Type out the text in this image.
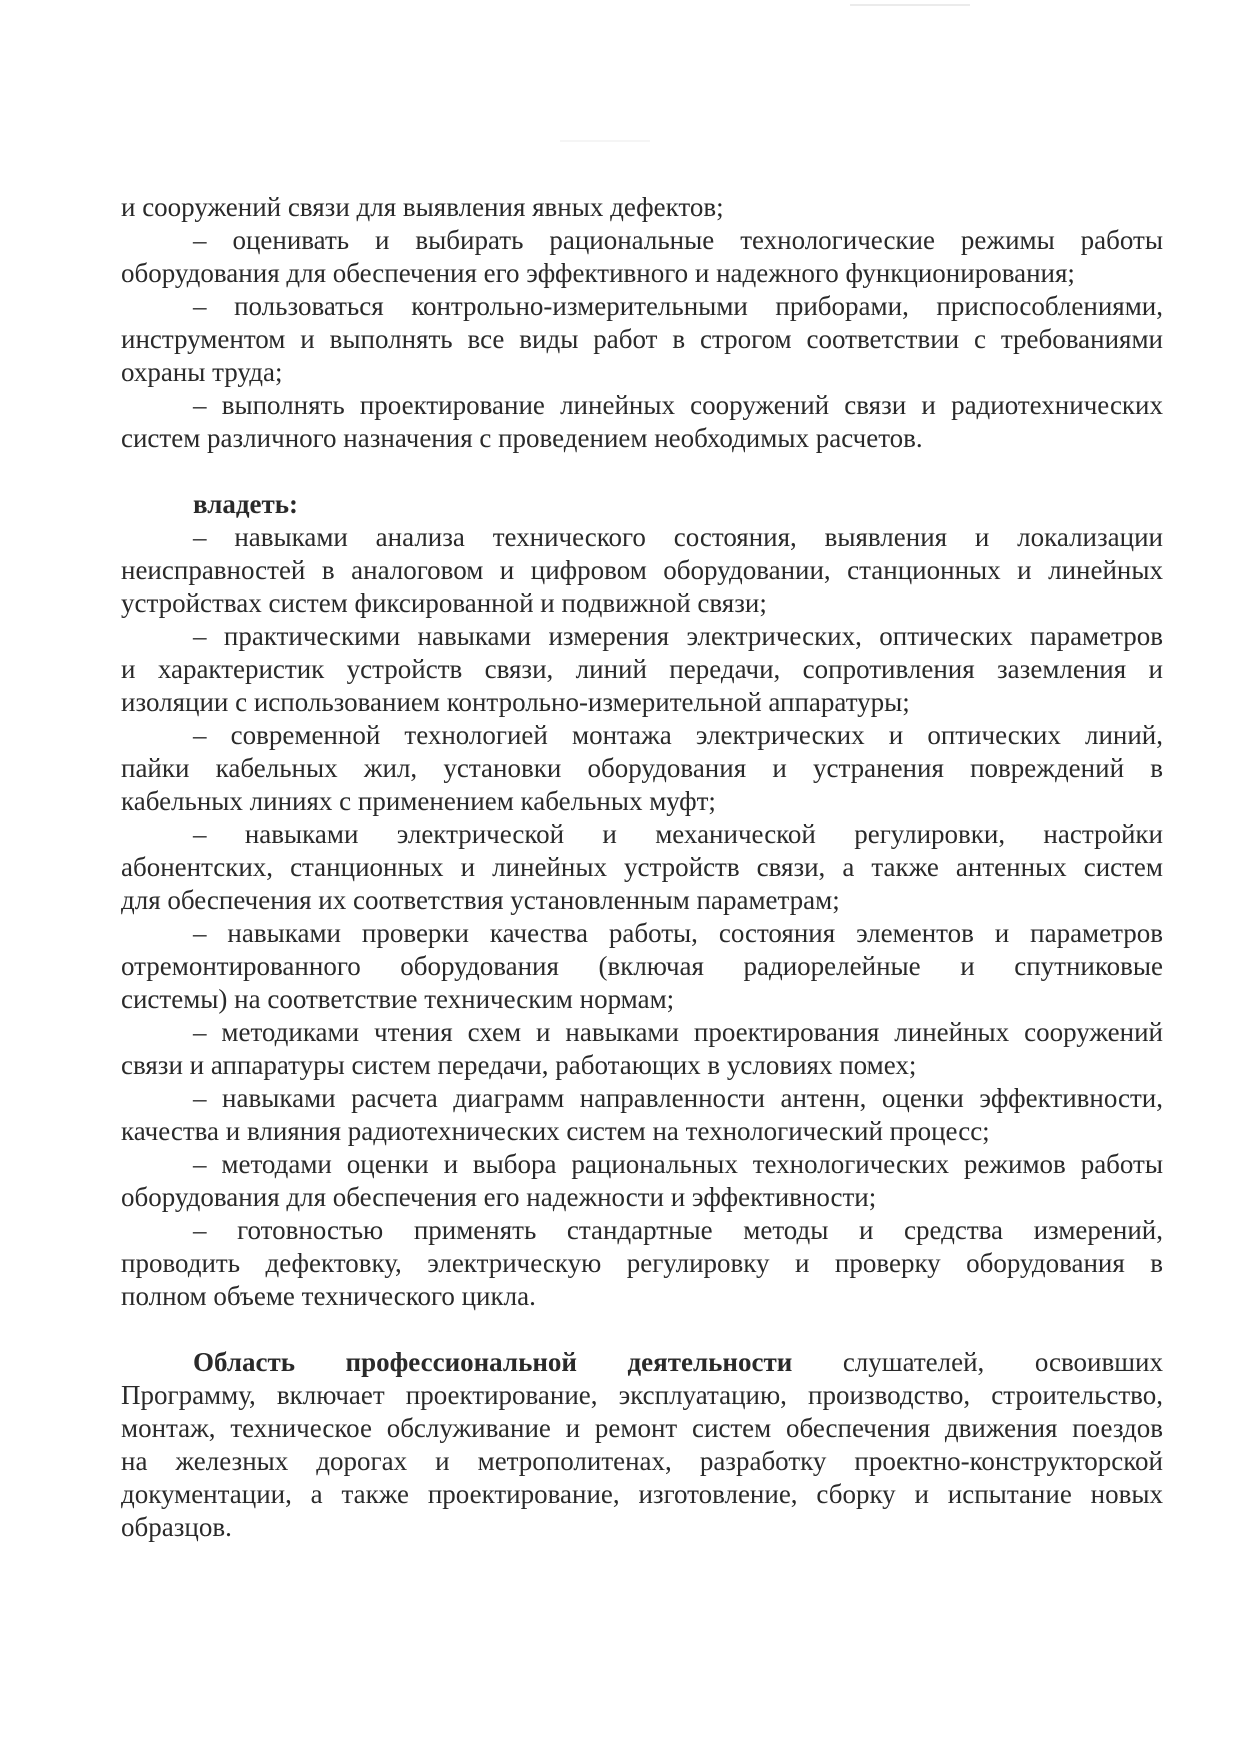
и сооружений связи для выявления явных дефектов;
– оценивать и выбирать рациональные технологические режимы работы
оборудования для обеспечения его эффективного и надежного функционирования;
– пользоваться контрольно-измерительными приборами, приспособлениями,
инструментом и выполнять все виды работ в строгом соответствии с требованиями
охраны труда;
– выполнять проектирование линейных сооружений связи и радиотехнических
систем различного назначения с проведением необходимых расчетов.
владеть:
– навыками анализа технического состояния, выявления и локализации
неисправностей в аналоговом и цифровом оборудовании, станционных и линейных
устройствах систем фиксированной и подвижной связи;
– практическими навыками измерения электрических, оптических параметров
и характеристик устройств связи, линий передачи, сопротивления заземления и
изоляции с использованием контрольно-измерительной аппаратуры;
– современной технологией монтажа электрических и оптических линий,
пайки кабельных жил, установки оборудования и устранения повреждений в
кабельных линиях с применением кабельных муфт;
– навыками электрической и механической регулировки, настройки
абонентских, станционных и линейных устройств связи, а также антенных систем
для обеспечения их соответствия установленным параметрам;
– навыками проверки качества работы, состояния элементов и параметров
отремонтированного оборудования (включая радиорелейные и спутниковые
системы) на соответствие техническим нормам;
– методиками чтения схем и навыками проектирования линейных сооружений
связи и аппаратуры систем передачи, работающих в условиях помех;
– навыками расчета диаграмм направленности антенн, оценки эффективности,
качества и влияния радиотехнических систем на технологический процесс;
– методами оценки и выбора рациональных технологических режимов работы
оборудования для обеспечения его надежности и эффективности;
– готовностью применять стандартные методы и средства измерений,
проводить дефектовку, электрическую регулировку и проверку оборудования в
полном объеме технического цикла.
Область профессиональной деятельности слушателей, освоивших
Программу, включает проектирование, эксплуатацию, производство, строительство,
монтаж, техническое обслуживание и ремонт систем обеспечения движения поездов
на железных дорогах и метрополитенах, разработку проектно-конструкторской
документации, а также проектирование, изготовление, сборку и испытание новых
образцов.
